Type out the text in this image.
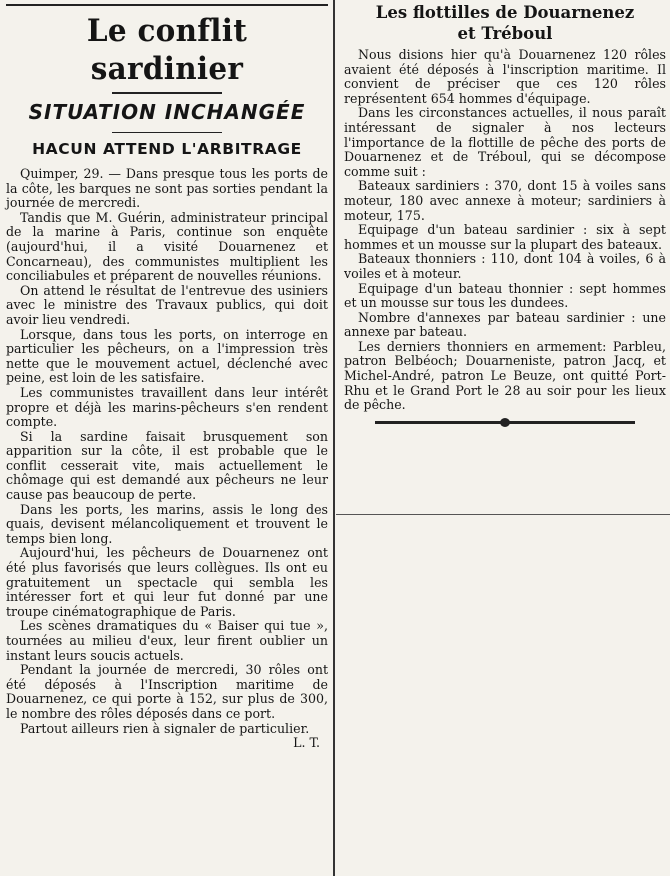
Le conflit sardinier
SITUATION INCHANGÉE
HACUN ATTEND L'ARBITRAGE

Quimper, 29. — Dans presque tous les ports de la côte, les barques ne sont pas sorties pendant la journée de mercredi.

Tandis que M. Guérin, administrateur principal de la marine à Paris, continue son enquête (aujourd'hui, il a visité Douarnenez et Concarneau), des communistes multiplient les conciliabules et préparent de nouvelles réunions.

On attend le résultat de l'entrevue des usiniers avec le ministre des Travaux publics, qui doit avoir lieu vendredi.

Lorsque, dans tous les ports, on interroge en particulier les pêcheurs, on a l'impression très nette que le mouvement actuel, déclenché avec peine, est loin de les satisfaire.

Les communistes travaillent dans leur intérêt propre et déjà les marins-pêcheurs s'en rendent compte.

Si la sardine faisait brusquement son apparition sur la côte, il est probable que le conflit cesserait vite, mais actuellement le chômage qui est demandé aux pêcheurs ne leur cause pas beaucoup de perte.

Dans les ports, les marins, assis le long des quais, devisent mélancoliquement et trouvent le temps bien long.

Aujourd'hui, les pêcheurs de Douarnenez ont été plus favorisés que leurs collègues. Ils ont eu gratuitement un spectacle qui sembla les intéresser fort et qui leur fut donné par une troupe cinématographique de Paris.

Les scènes dramatiques du « Baiser qui tue », tournées au milieu d'eux, leur firent oublier un instant leurs soucis actuels.

Pendant la journée de mercredi, 30 rôles ont été déposés à l'Inscription maritime de Douarnenez, ce qui porte à 152, sur plus de 300, le nombre des rôles déposés dans ce port.

Partout ailleurs rien à signaler de particulier.
L. T.

Les flottilles de Douarnenez
et Tréboul

Nous disions hier qu'à Douarnenez 120 rôles avaient été déposés à l'inscription maritime. Il convient de préciser que ces 120 rôles représentent 654 hommes d'équipage.

Dans les circonstances actuelles, il nous paraît intéressant de signaler à nos lecteurs l'importance de la flottille de pêche des ports de Douarnenez et de Tréboul, qui se décompose comme suit :

Bateaux sardiniers : 370, dont 15 à voiles sans moteur, 180 avec annexe à moteur; sardiniers à moteur, 175.

Equipage d'un bateau sardinier : six à sept hommes et un mousse sur la plupart des bateaux.

Bateaux thonniers : 110, dont 104 à voiles, 6 à voiles et à moteur.

Equipage d'un bateau thonnier : sept hommes et un mousse sur tous les dundees.

Nombre d'annexes par bateau sardinier : une annexe par bateau.

Les derniers thonniers en armement: Parbleu, patron Belbéoch; Douarneniste, patron Jacq, et Michel-André, patron Le Beuze, ont quitté Port-Rhu et le Grand Port le 28 au soir pour les lieux de pêche.
